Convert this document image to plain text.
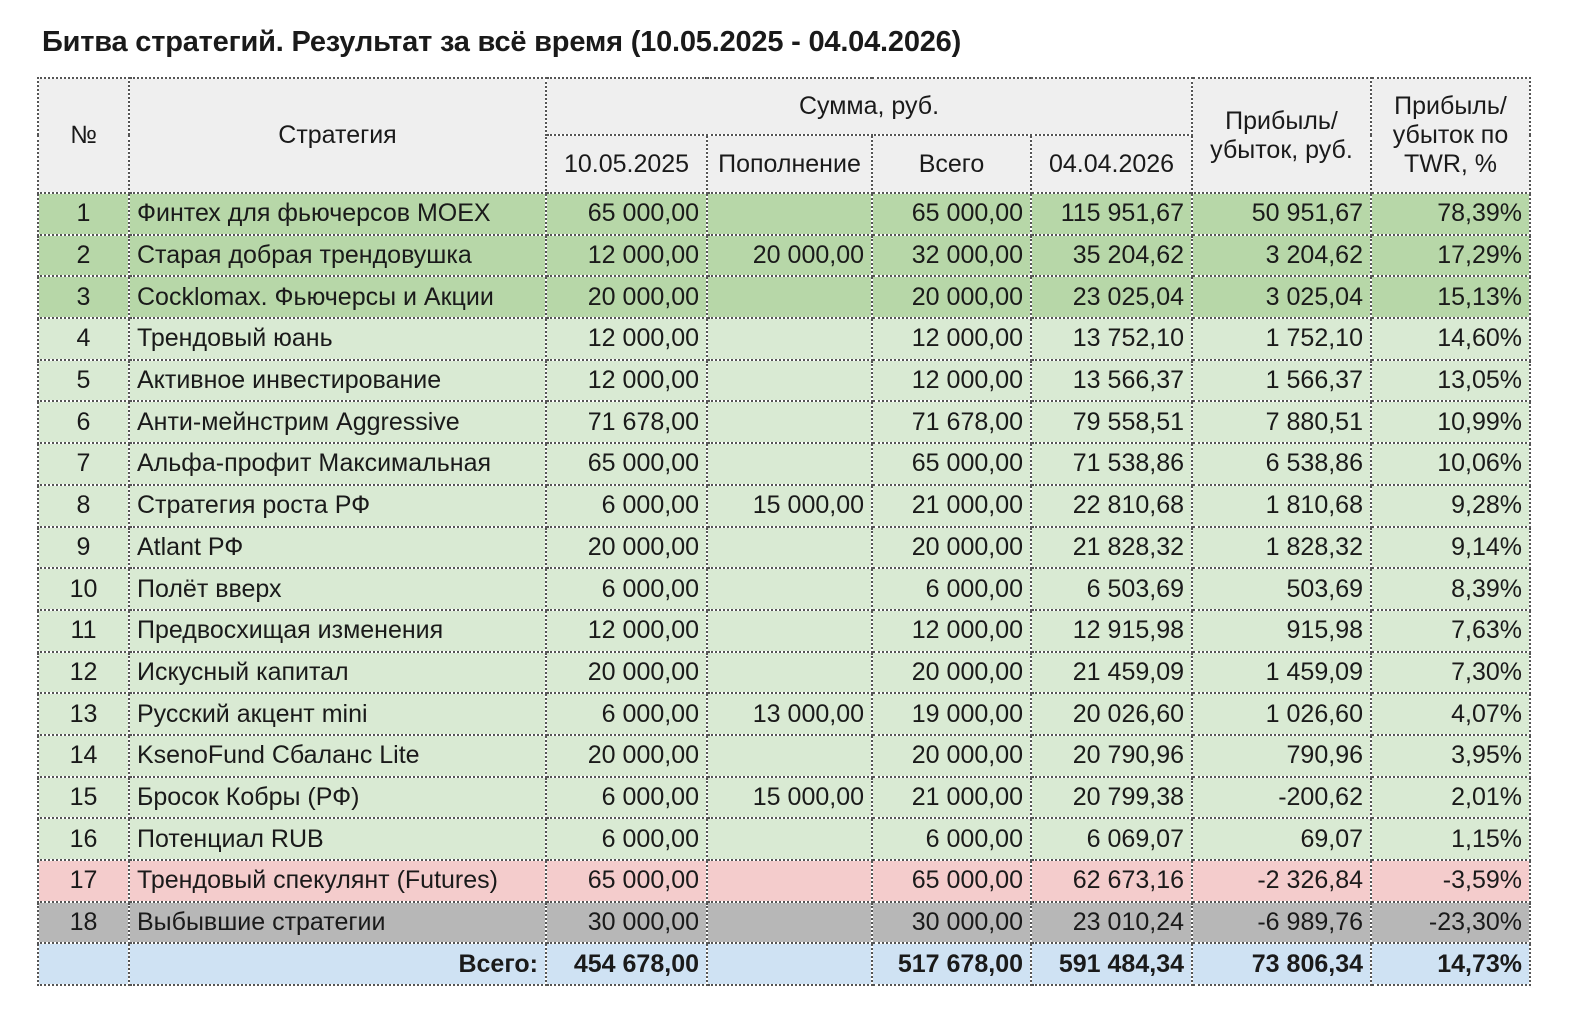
Битва стратегий. Результат за всё время (10.05.2025 - 04.04.2026)
№	Стратегия	Сумма, руб.				Прибыль/ убыток, руб.	Прибыль/ убыток по TWR, %
		10.05.2025	Пополнение	Всего	04.04.2026		
1	Финтех для фьючерсов MOEX	65 000,00		65 000,00	115 951,67	50 951,67	78,39%
2	Старая добрая трендовушка	12 000,00	20 000,00	32 000,00	35 204,62	3 204,62	17,29%
3	Cocklomax. Фьючерсы и Акции	20 000,00		20 000,00	23 025,04	3 025,04	15,13%
4	Трендовый юань	12 000,00		12 000,00	13 752,10	1 752,10	14,60%
5	Активное инвестирование	12 000,00		12 000,00	13 566,37	1 566,37	13,05%
6	Анти-мейнстрим Aggressive	71 678,00		71 678,00	79 558,51	7 880,51	10,99%
7	Альфа-профит Максимальная	65 000,00		65 000,00	71 538,86	6 538,86	10,06%
8	Стратегия роста РФ	6 000,00	15 000,00	21 000,00	22 810,68	1 810,68	9,28%
9	Atlant РФ	20 000,00		20 000,00	21 828,32	1 828,32	9,14%
10	Полёт вверх	6 000,00		6 000,00	6 503,69	503,69	8,39%
11	Предвосхищая изменения	12 000,00		12 000,00	12 915,98	915,98	7,63%
12	Искусный капитал	20 000,00		20 000,00	21 459,09	1 459,09	7,30%
13	Русский акцент mini	6 000,00	13 000,00	19 000,00	20 026,60	1 026,60	4,07%
14	KsenoFund Сбаланс Lite	20 000,00		20 000,00	20 790,96	790,96	3,95%
15	Бросок Кобры (РФ)	6 000,00	15 000,00	21 000,00	20 799,38	-200,62	2,01%
16	Потенциал RUB	6 000,00		6 000,00	6 069,07	69,07	1,15%
17	Трендовый спекулянт (Futures)	65 000,00		65 000,00	62 673,16	-2 326,84	-3,59%
18	Выбывшие стратегии	30 000,00		30 000,00	23 010,24	-6 989,76	-23,30%
	Всего:	454 678,00		517 678,00	591 484,34	73 806,34	14,73%
